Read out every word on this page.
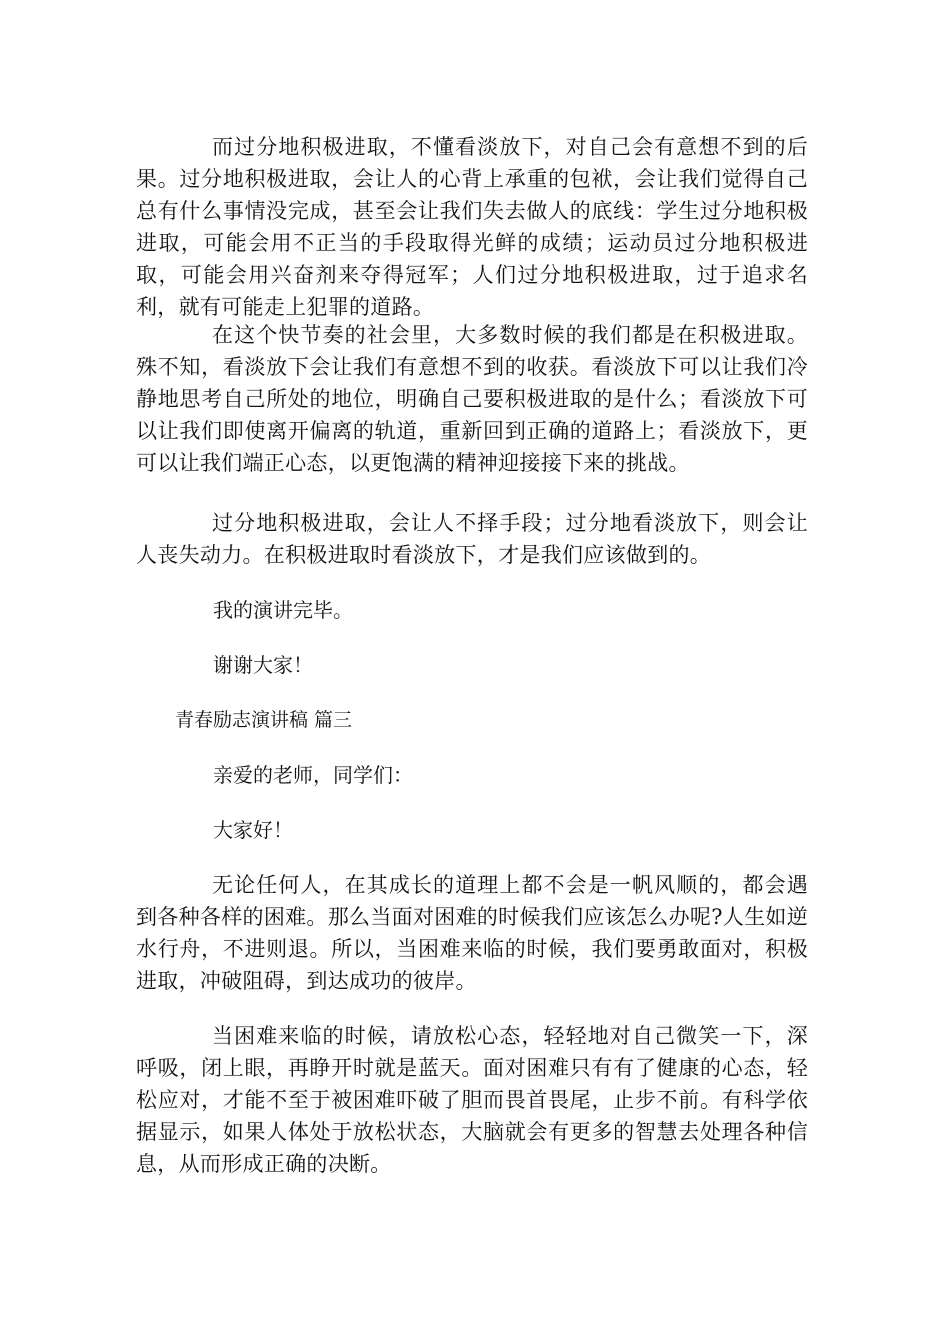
而过分地积极进取，不懂看淡放下，对自己会有意想不到的后果。过分地积极进取，会让人的心背上承重的包袱，会让我们觉得自己总有什么事情没完成，甚至会让我们失去做人的底线：学生过分地积极进取，可能会用不正当的手段取得光鲜的成绩；运动员过分地积极进取，可能会用兴奋剂来夺得冠军；人们过分地积极进取，过于追求名利，就有可能走上犯罪的道路。

在这个快节奏的社会里，大多数时候的我们都是在积极进取。殊不知，看淡放下会让我们有意想不到的收获。看淡放下可以让我们冷静地思考自己所处的地位，明确自己要积极进取的是什么；看淡放下可以让我们即使离开偏离的轨道，重新回到正确的道路上；看淡放下，更可以让我们端正心态，以更饱满的精神迎接接下来的挑战。

过分地积极进取，会让人不择手段；过分地看淡放下，则会让人丧失动力。在积极进取时看淡放下，才是我们应该做到的。

我的演讲完毕。

谢谢大家！

青春励志演讲稿 篇三

亲爱的老师，同学们：

大家好！

无论任何人，在其成长的道理上都不会是一帆风顺的，都会遇到各种各样的困难。那么当面对困难的时候我们应该怎么办呢?人生如逆水行舟，不进则退。所以，当困难来临的时候，我们要勇敢面对，积极进取，冲破阻碍，到达成功的彼岸。

当困难来临的时候，请放松心态，轻轻地对自己微笑一下，深呼吸，闭上眼，再睁开时就是蓝天。面对困难只有有了健康的心态，轻松应对，才能不至于被困难吓破了胆而畏首畏尾，止步不前。有科学依据显示，如果人体处于放松状态，大脑就会有更多的智慧去处理各种信息，从而形成正确的决断。
